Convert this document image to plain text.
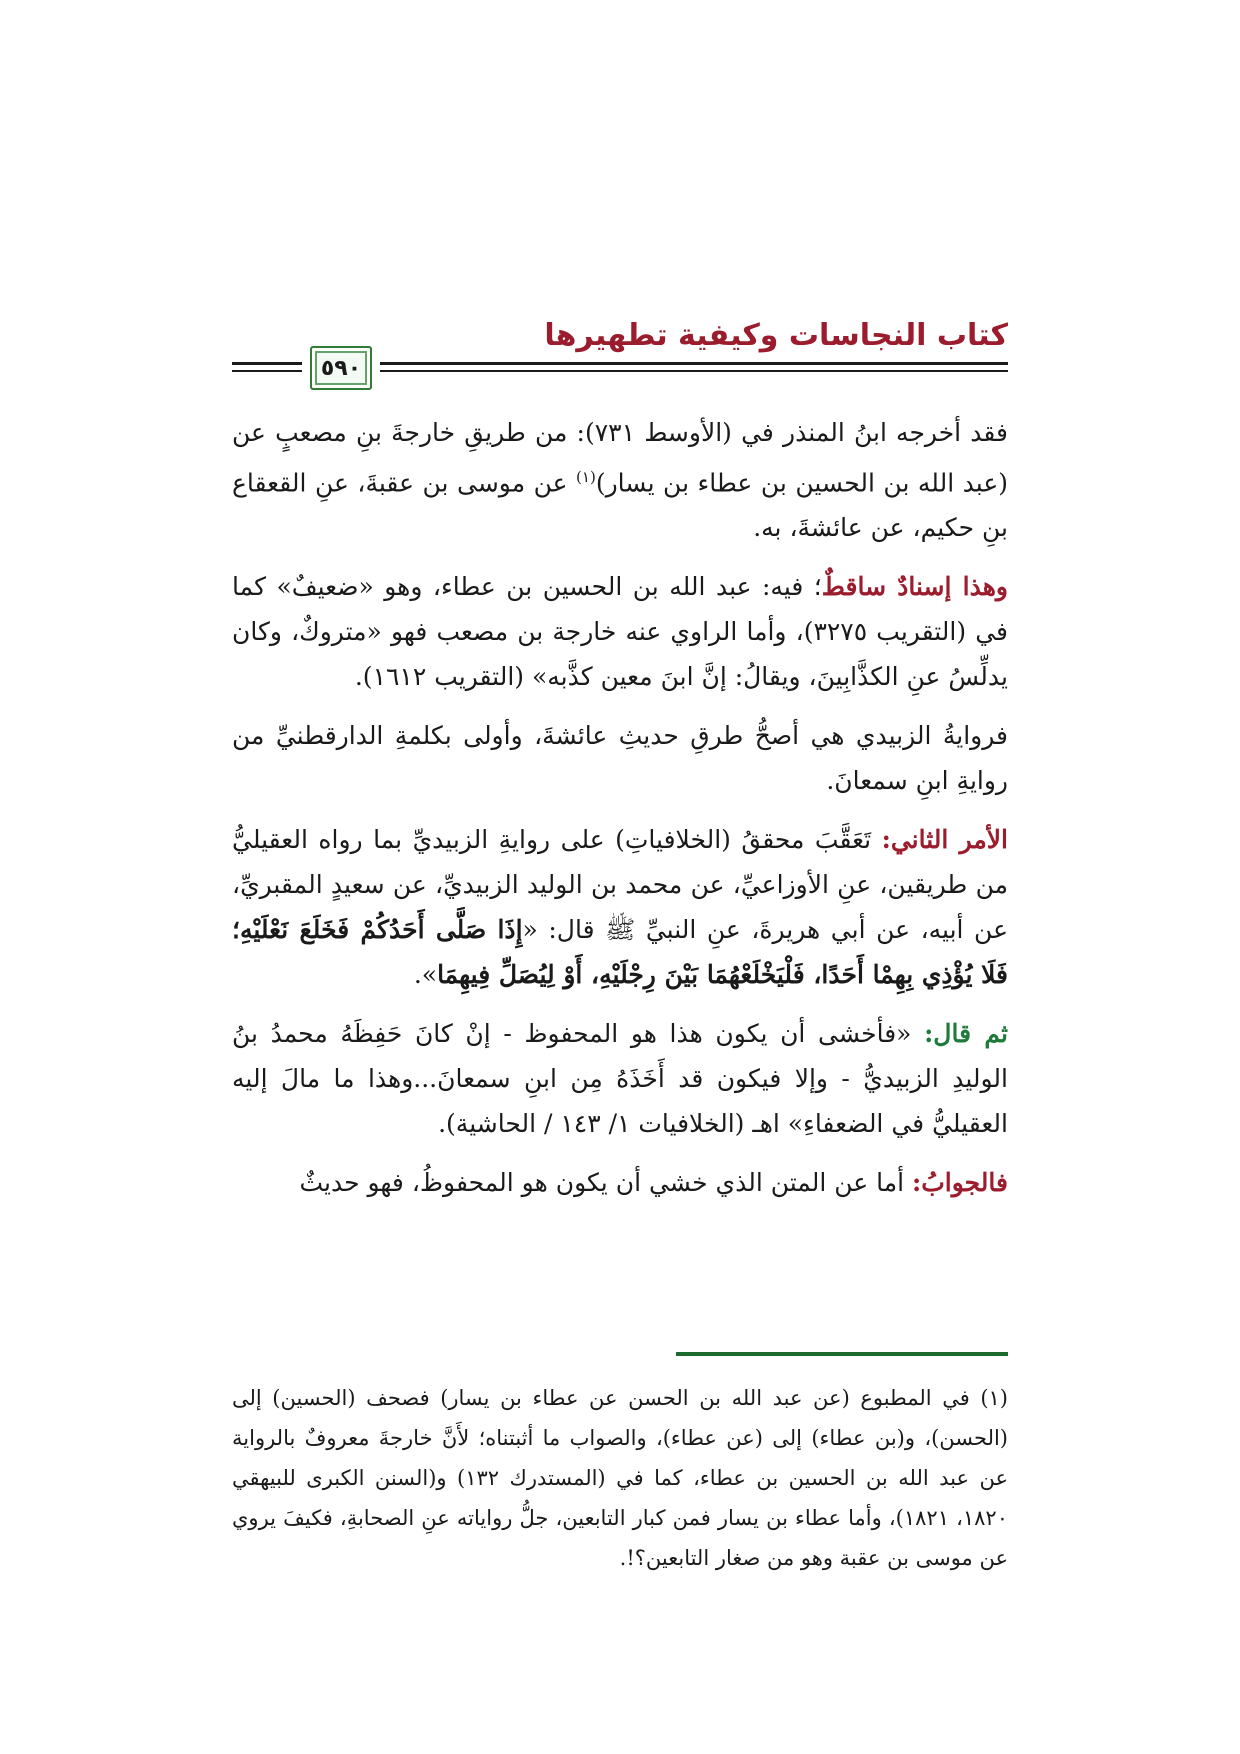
كتاب النجاسات وكيفية تطهيرها
٥٩٠

فقد أخرجه ابنُ المنذر في (الأوسط ٧٣١): من طريقِ خارجةَ بنِ مصعبٍ عن (عبد الله بن الحسين بن عطاء بن يسار)$^{(١)}$ عن موسى بن عقبةَ، عنِ القعقاع بنِ حكيم، عن عائشةَ، به.

وهذا إسنادٌ ساقطٌ؛ فيه: عبد الله بن الحسين بن عطاء، وهو «ضعيفٌ» كما في (التقريب ٣٢٧٥)، وأما الراوي عنه خارجة بن مصعب فهو «متروكٌ، وكان يدلِّسُ عنِ الكذَّابِينَ، ويقالُ: إنَّ ابنَ معين كذَّبه» (التقريب ١٦١٢).

فروايةُ الزبيدي هي أصحُّ طرقِ حديثِ عائشةَ، وأولى بكلمةِ الدارقطنيِّ من روايةِ ابنِ سمعانَ.

الأمر الثاني: تَعَقَّبَ محققُ (الخلافياتِ) على روايةِ الزبيديِّ بما رواه العقيليُّ من طريقين، عنِ الأوزاعيِّ، عن محمد بن الوليد الزبيديِّ، عن سعيدٍ المقبريِّ، عن أبيه، عن أبي هريرةَ، عنِ النبيِّ ﷺ قال: «إِذَا صَلَّى أَحَدُكُمْ فَخَلَعَ نَعْلَيْهِ؛ فَلَا يُؤْذِي بِهِمْا أَحَدًا، فَلْيَخْلَعْهُمَا بَيْنَ رِجْلَيْهِ، أَوْ لِيُصَلِّ فِيهِمَا».

ثم قال: «فأخشى أن يكون هذا هو المحفوظ - إنْ كانَ حَفِظَهُ محمدُ بنُ الوليدِ الزبيديُّ - وإلا فيكون قد أَخَذَهُ مِن ابنِ سمعانَ...وهذا ما مالَ إليه العقيليُّ في الضعفاءِ» اهـ (الخلافيات ١/ ١٤٣ / الحاشية).

فالجوابُ: أما عن المتن الذي خشي أن يكون هو المحفوظُ، فهو حديثٌ

(١) في المطبوع (عن عبد الله بن الحسن عن عطاء بن يسار) فصحف (الحسين) إلى (الحسن)، و(بن عطاء) إلى (عن عطاء)، والصواب ما أثبتناه؛ لأَنَّ خارجةَ معروفٌ بالرواية عن عبد الله بن الحسين بن عطاء، كما في (المستدرك ١٣٢) و(السنن الكبرى للبيهقي ١٨٢٠، ١٨٢١)، وأما عطاء بن يسار فمن كبار التابعين، جلُّ رواياته عنِ الصحابةِ، فكيفَ يروي عن موسى بن عقبة وهو من صغار التابعين؟!.
